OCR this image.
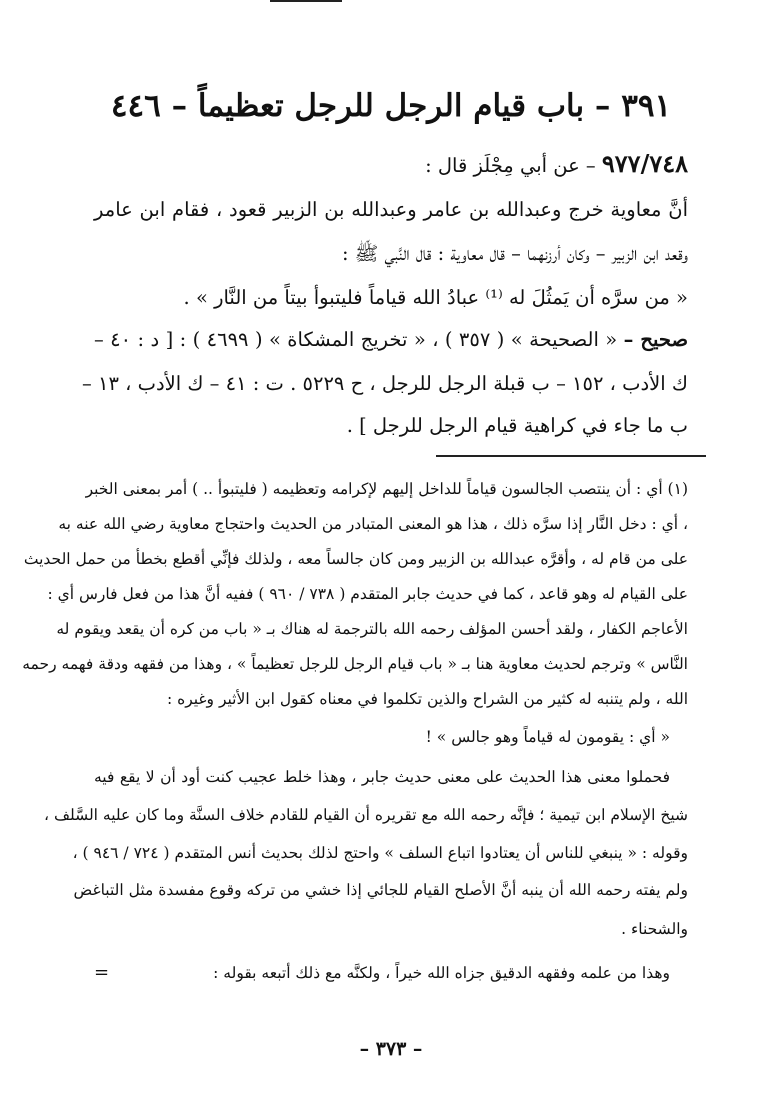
٣٩١ – باب قيام الرجل للرجل تعظيماً – ٤٤٦
٩٧٧/٧٤٨ – عن أبي مِجْلَز قال :
أنَّ معاوية خرج وعبدالله بن عامر وعبدالله بن الزبير قعود ، فقام ابن عامر
وقعد ابن الزبير – وكان أرزنهما – قال معاوية : قال النَّبي ﷺ :
« من سرَّه أن يَمثُلَ له ⁽¹⁾ عبادُ الله قياماً فليتبوأ بيتاً من النَّار » .
صحيح – « الصحيحة » ( ٣٥٧ ) ، « تخريج المشكاة » ( ٤٦٩٩ ) : [ د : ٤٠ –
ك الأدب ، ١٥٢ – ب قبلة الرجل للرجل ، ح ٥٢٢٩ . ت : ٤١ – ك الأدب ، ١٣ –
ب ما جاء في كراهية قيام الرجل للرجل ] .
(١) أي : أن ينتصب الجالسون قياماً للداخل إليهم لإكرامه وتعظيمه ( فليتبوأ .. ) أمر بمعنى الخبر
، أي : دخل النَّار إذا سرَّه ذلك ، هذا هو المعنى المتبادر من الحديث واحتجاج معاوية رضي الله عنه به
على من قام له ، وأقرَّه عبدالله بن الزبير ومن كان جالساً معه ، ولذلك فإنِّي أقطع بخطأ من حمل الحديث
على القيام له وهو قاعد ، كما في حديث جابر المتقدم ( ٧٣٨ / ٩٦٠ ) ففيه أنَّ هذا من فعل فارس أي :
الأعاجم الكفار ، ولقد أحسن المؤلف رحمه الله بالترجمة له هناك بـ « باب من كره أن يقعد ويقوم له
النَّاس » وترجم لحديث معاوية هنا بـ « باب قيام الرجل للرجل تعظيماً » ، وهذا من فقهه ودقة فهمه رحمه
الله ، ولم يتنبه له كثير من الشراح والذين تكلموا في معناه كقول ابن الأثير وغيره :
« أي : يقومون له قياماً وهو جالس » !
فحملوا معنى هذا الحديث على معنى حديث جابر ، وهذا خلط عجيب كنت أود أن لا يقع فيه
شيخ الإسلام ابن تيمية ؛ فإنَّه رحمه الله مع تقريره أن القيام للقادم خلاف السنَّة وما كان عليه السَّلف ،
وقوله : « ينبغي للناس أن يعتادوا اتباع السلف » واحتج لذلك بحديث أنس المتقدم ( ٧٢٤ / ٩٤٦ ) ،
ولم يفته رحمه الله أن ينبه أنَّ الأصلح القيام للجائي إذا خشي من تركه وقوع مفسدة مثل التباغض
والشحناء .
وهذا من علمه وفقهه الدقيق جزاه الله خيراً ، ولكنَّه مع ذلك أتبعه بقوله :
=
– ٣٧٣ –
